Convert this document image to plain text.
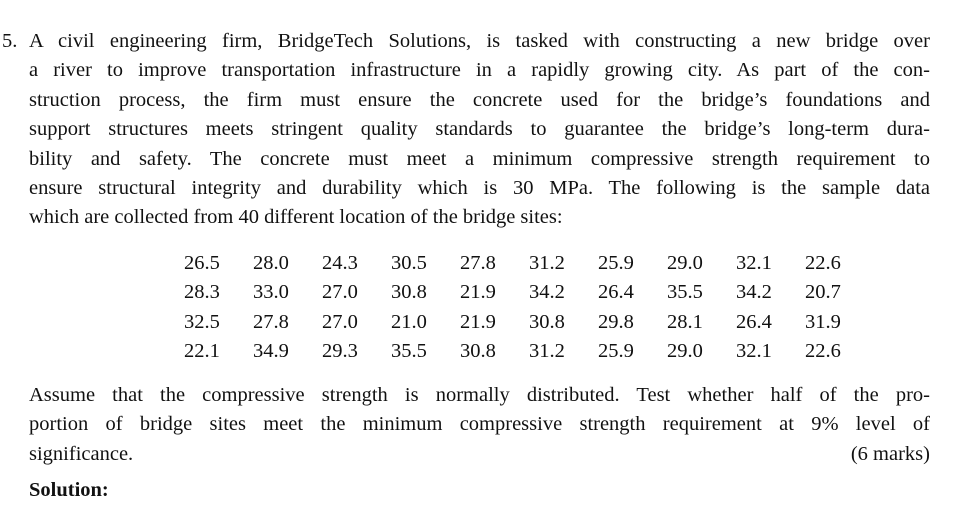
5. A civil engineering firm, BridgeTech Solutions, is tasked with constructing a new bridge over
a river to improve transportation infrastructure in a rapidly growing city. As part of the con-
struction process, the firm must ensure the concrete used for the bridge’s foundations and
support structures meets stringent quality standards to guarantee the bridge’s long-term dura-
bility and safety. The concrete must meet a minimum compressive strength requirement to
ensure structural integrity and durability which is 30 MPa. The following is the sample data
which are collected from 40 different location of the bridge sites:
26.5	28.0	24.3	30.5	27.8	31.2	25.9	29.0	32.1	22.6
28.3	33.0	27.0	30.8	21.9	34.2	26.4	35.5	34.2	20.7
32.5	27.8	27.0	21.0	21.9	30.8	29.8	28.1	26.4	31.9
22.1	34.9	29.3	35.5	30.8	31.2	25.9	29.0	32.1	22.6
Assume that the compressive strength is normally distributed. Test whether half of the pro-
portion of bridge sites meet the minimum compressive strength requirement at 9% level of
significance.	(6 marks)
Solution:
